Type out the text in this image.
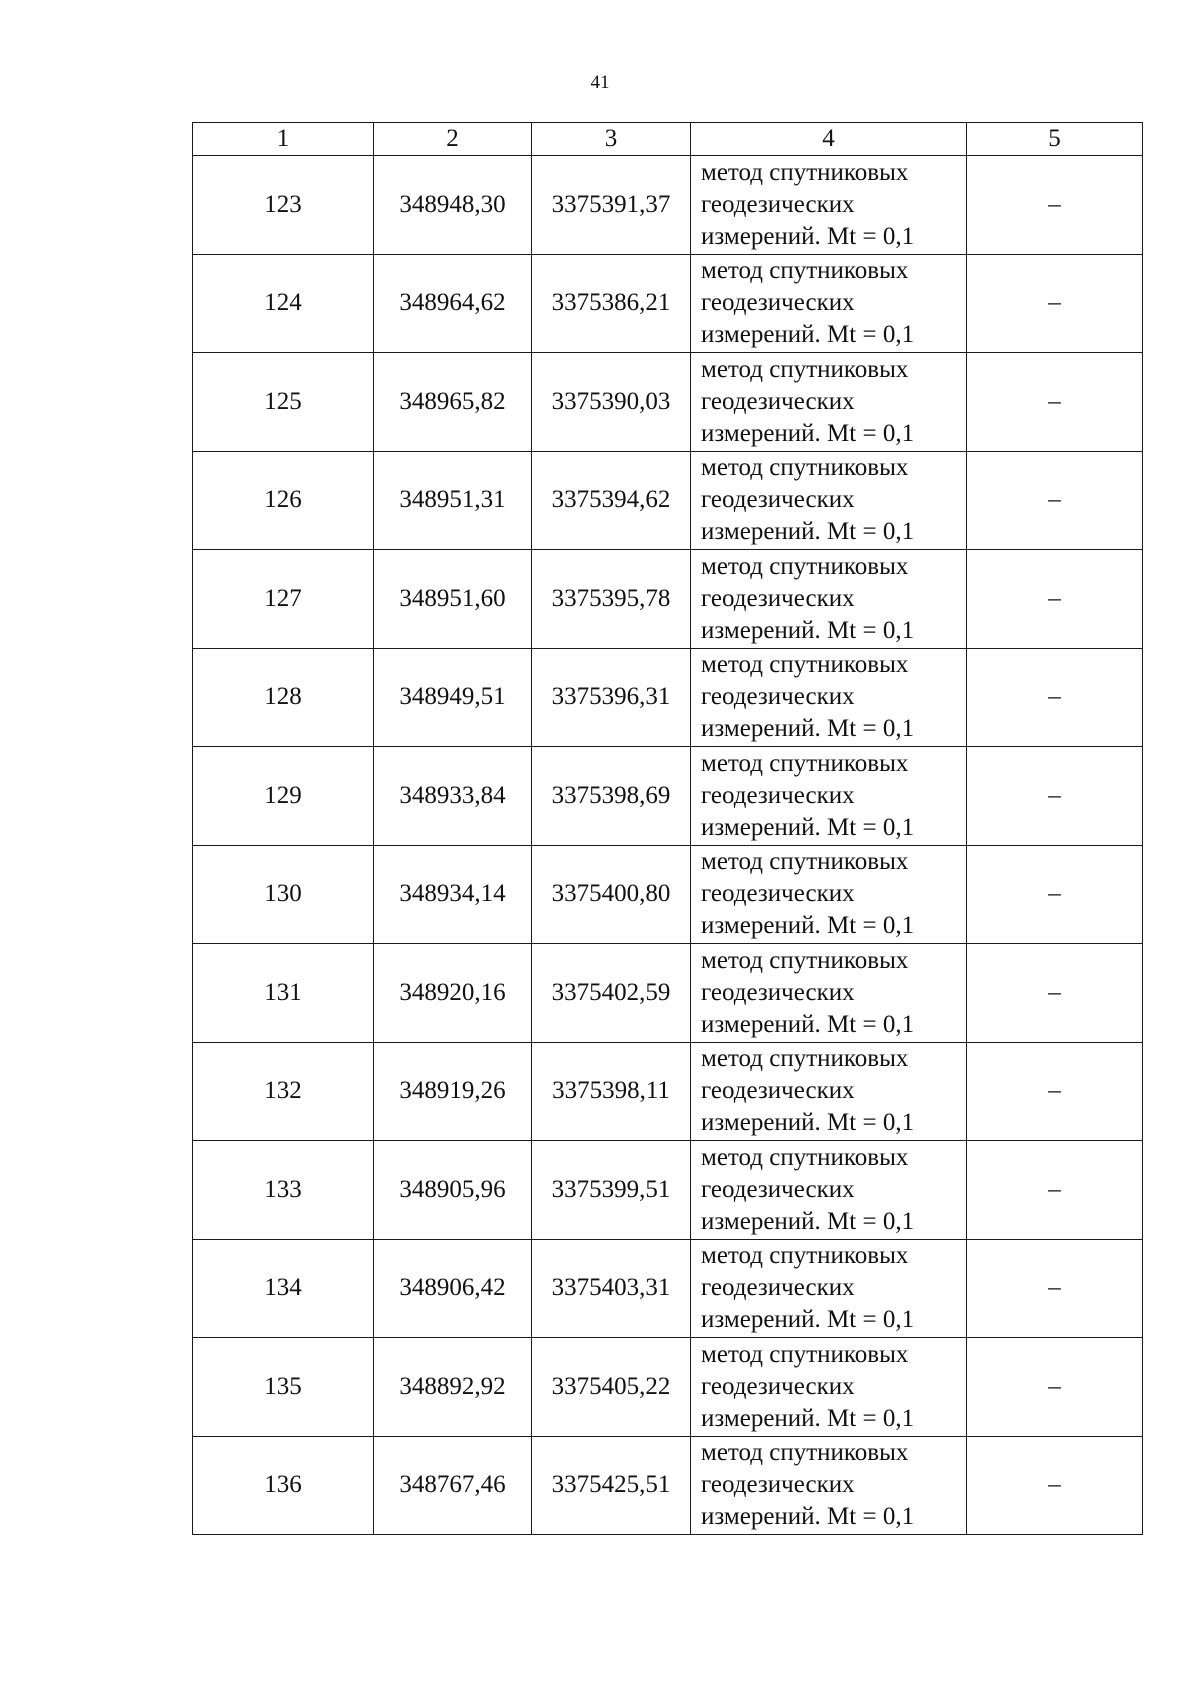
41
1	2	3	4	5
123	348948,30	3375391,37	метод спутниковых
геодезических
измерений. Mt = 0,1	–
124	348964,62	3375386,21	метод спутниковых
геодезических
измерений. Mt = 0,1	–
125	348965,82	3375390,03	метод спутниковых
геодезических
измерений. Mt = 0,1	–
126	348951,31	3375394,62	метод спутниковых
геодезических
измерений. Mt = 0,1	–
127	348951,60	3375395,78	метод спутниковых
геодезических
измерений. Mt = 0,1	–
128	348949,51	3375396,31	метод спутниковых
геодезических
измерений. Mt = 0,1	–
129	348933,84	3375398,69	метод спутниковых
геодезических
измерений. Mt = 0,1	–
130	348934,14	3375400,80	метод спутниковых
геодезических
измерений. Mt = 0,1	–
131	348920,16	3375402,59	метод спутниковых
геодезических
измерений. Mt = 0,1	–
132	348919,26	3375398,11	метод спутниковых
геодезических
измерений. Mt = 0,1	–
133	348905,96	3375399,51	метод спутниковых
геодезических
измерений. Mt = 0,1	–
134	348906,42	3375403,31	метод спутниковых
геодезических
измерений. Mt = 0,1	–
135	348892,92	3375405,22	метод спутниковых
геодезических
измерений. Mt = 0,1	–
136	348767,46	3375425,51	метод спутниковых
геодезических
измерений. Mt = 0,1	–
